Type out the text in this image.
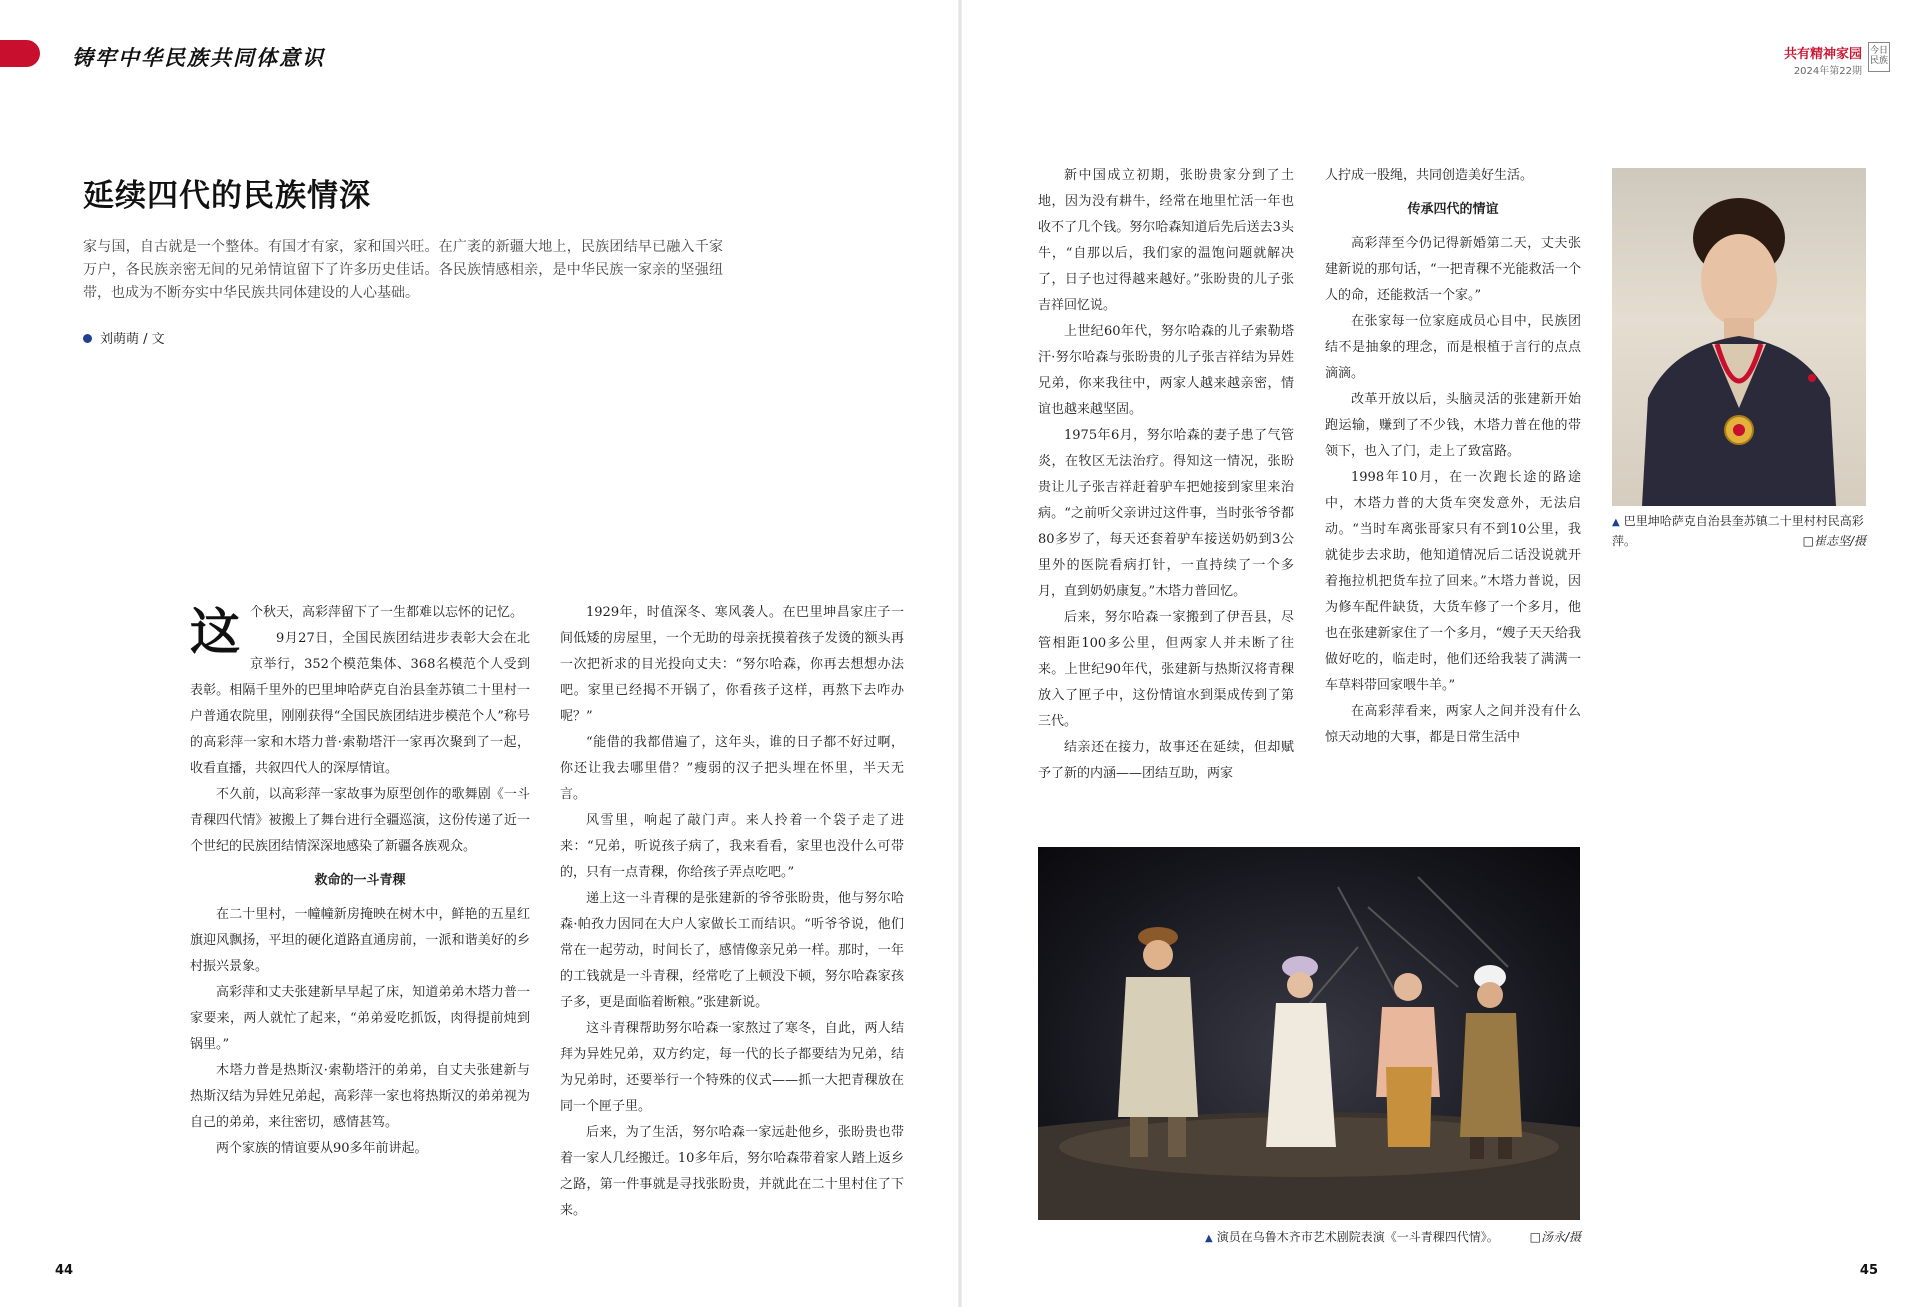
铸牢中华民族共同体意识	共有精神家园
2024年第22期
今日民族
延续四代的民族情深
家与国，自古就是一个整体。有国才有家，家和国兴旺。在广袤的新疆大地上，民族团结早已融入千家万户，各民族亲密无间的兄弟情谊留下了许多历史佳话。各民族情感相亲，是中华民族一家亲的坚强纽带，也成为不断夯实中华民族共同体建设的人心基础。
刘萌萌 / 文
这 个秋天，高彩萍留下了一生都难以忘怀的记忆。

9月27日，全国民族团结进步表彰大会在北京举行，352个模范集体、368名模范个人受到表彰。相隔千里外的巴里坤哈萨克自治县奎苏镇二十里村一户普通农院里，刚刚获得“全国民族团结进步模范个人”称号的高彩萍一家和木塔力普·索勒塔汗一家再次聚到了一起，收看直播，共叙四代人的深厚情谊。

不久前，以高彩萍一家故事为原型创作的歌舞剧《一斗青稞四代情》被搬上了舞台进行全疆巡演，这份传递了近一个世纪的民族团结情深深地感染了新疆各族观众。

救命的一斗青稞

在二十里村，一幢幢新房掩映在树木中，鲜艳的五星红旗迎风飘扬，平坦的硬化道路直通房前，一派和谐美好的乡村振兴景象。

高彩萍和丈夫张建新早早起了床，知道弟弟木塔力普一家要来，两人就忙了起来，“弟弟爱吃抓饭，肉得提前炖到锅里。”

木塔力普是热斯汉·索勒塔汗的弟弟，自丈夫张建新与热斯汉结为异姓兄弟起，高彩萍一家也将热斯汉的弟弟视为自己的弟弟，来往密切，感情甚笃。

两个家族的情谊要从90多年前讲起。

1929年，时值深冬、寒风袭人。在巴里坤昌家庄子一间低矮的房屋里，一个无助的母亲抚摸着孩子发烫的额头再一次把祈求的目光投向丈夫：“努尔哈森，你再去想想办法吧。家里已经揭不开锅了，你看孩子这样，再熬下去咋办呢？”

“能借的我都借遍了，这年头，谁的日子都不好过啊，你还让我去哪里借？”瘦弱的汉子把头埋在怀里，半天无言。

风雪里，响起了敲门声。来人拎着一个袋子走了进来：“兄弟，听说孩子病了，我来看看，家里也没什么可带的，只有一点青稞，你给孩子弄点吃吧。”

递上这一斗青稞的是张建新的爷爷张盼贵，他与努尔哈森·帕孜力因同在大户人家做长工而结识。“听爷爷说，他们常在一起劳动，时间长了，感情像亲兄弟一样。那时，一年的工钱就是一斗青稞，经常吃了上顿没下顿，努尔哈森家孩子多，更是面临着断粮。”张建新说。

这斗青稞帮助努尔哈森一家熬过了寒冬，自此，两人结拜为异姓兄弟，双方约定，每一代的长子都要结为兄弟，结为兄弟时，还要举行一个特殊的仪式——抓一大把青稞放在同一个匣子里。

后来，为了生活，努尔哈森一家远赴他乡，张盼贵也带着一家人几经搬迁。10多年后，努尔哈森带着家人踏上返乡之路，第一件事就是寻找张盼贵，并就此在二十里村住了下来。

新中国成立初期，张盼贵家分到了土地，因为没有耕牛，经常在地里忙活一年也收不了几个钱。努尔哈森知道后先后送去3头牛，“自那以后，我们家的温饱问题就解决了，日子也过得越来越好。”张盼贵的儿子张吉祥回忆说。

上世纪60年代，努尔哈森的儿子索勒塔汗·努尔哈森与张盼贵的儿子张吉祥结为异姓兄弟，你来我往中，两家人越来越亲密，情谊也越来越坚固。

1975年6月，努尔哈森的妻子患了气管炎，在牧区无法治疗。得知这一情况，张盼贵让儿子张吉祥赶着驴车把她接到家里来治病。“之前听父亲讲过这件事，当时张爷爷都80多岁了，每天还套着驴车接送奶奶到3公里外的医院看病打针，一直持续了一个多月，直到奶奶康复。”木塔力普回忆。

后来，努尔哈森一家搬到了伊吾县，尽管相距100多公里，但两家人并未断了往来。上世纪90年代，张建新与热斯汉将青稞放入了匣子中，这份情谊水到渠成传到了第三代。

结亲还在接力，故事还在延续，但却赋予了新的内涵——团结互助，两家

人拧成一股绳，共同创造美好生活。

传承四代的情谊

高彩萍至今仍记得新婚第二天，丈夫张建新说的那句话，“一把青稞不光能救活一个人的命，还能救活一个家。”

在张家每一位家庭成员心目中，民族团结不是抽象的理念，而是根植于言行的点点滴滴。

改革开放以后，头脑灵活的张建新开始跑运输，赚到了不少钱，木塔力普在他的带领下，也入了门，走上了致富路。

1998年10月，在一次跑长途的路途中，木塔力普的大货车突发意外，无法启动。“当时车离张哥家只有不到10公里，我就徒步去求助，他知道情况后二话没说就开着拖拉机把货车拉了回来。”木塔力普说，因为修车配件缺货，大货车修了一个多月，他也在张建新家住了一个多月，“嫂子天天给我做好吃的，临走时，他们还给我装了满满一车草料带回家喂牛羊。”

在高彩萍看来，两家人之间并没有什么惊天动地的大事，都是日常生活中

▲ 巴里坤哈萨克自治县奎苏镇二十里村村民高彩萍。	□崔志坚/摄
▲ 演员在乌鲁木齐市艺术剧院表演《一斗青稞四代情》。	□汤永/摄
44	45
